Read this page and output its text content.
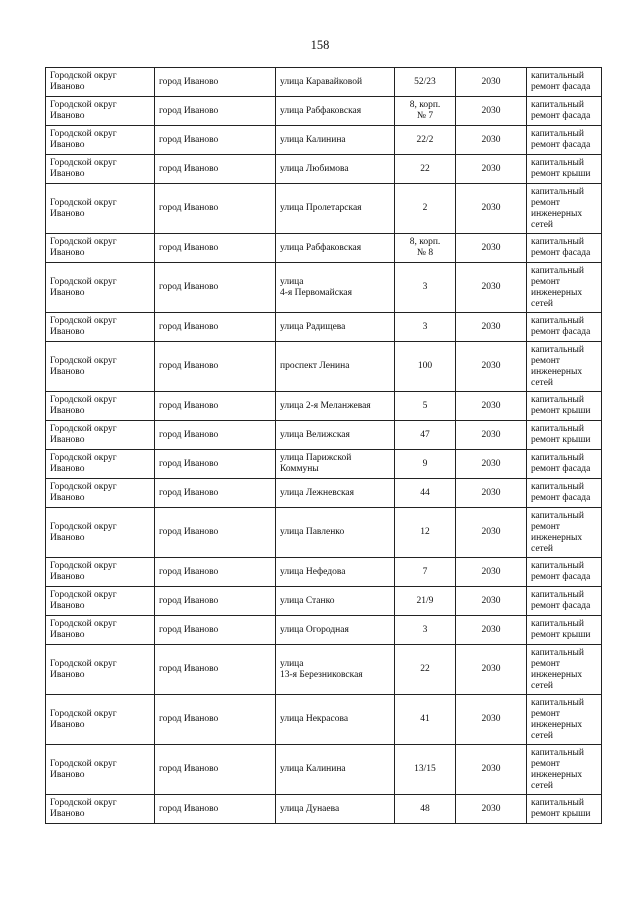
158
Городской округ Иваново	город Иваново	улица Каравайковой	52/23	2030	капитальный ремонт фасада
Городской округ Иваново	город Иваново	улица Рабфаковская	8, корп.
№ 7	2030	капитальный ремонт фасада
Городской округ Иваново	город Иваново	улица Калинина	22/2	2030	капитальный ремонт фасада
Городской округ Иваново	город Иваново	улица Любимова	22	2030	капитальный ремонт крыши
Городской округ Иваново	город Иваново	улица Пролетарская	2	2030	капитальный
ремонт
инженерных
сетей
Городской округ Иваново	город Иваново	улица Рабфаковская	8, корп.
№ 8	2030	капитальный ремонт фасада
Городской округ Иваново	город Иваново	улица
4-я Первомайская	3	2030	капитальный
ремонт
инженерных
сетей
Городской округ Иваново	город Иваново	улица Радищева	3	2030	капитальный ремонт фасада
Городской округ Иваново	город Иваново	проспект Ленина	100	2030	капитальный
ремонт
инженерных
сетей
Городской округ Иваново	город Иваново	улица 2-я Меланжевая	5	2030	капитальный ремонт крыши
Городской округ Иваново	город Иваново	улица Велижская	47	2030	капитальный ремонт крыши
Городской округ Иваново	город Иваново	улица Парижской Коммуны	9	2030	капитальный ремонт фасада
Городской округ Иваново	город Иваново	улица Лежневская	44	2030	капитальный ремонт фасада
Городской округ Иваново	город Иваново	улица Павленко	12	2030	капитальный
ремонт
инженерных
сетей
Городской округ Иваново	город Иваново	улица Нефедова	7	2030	капитальный ремонт фасада
Городской округ Иваново	город Иваново	улица Станко	21/9	2030	капитальный ремонт фасада
Городской округ Иваново	город Иваново	улица Огородная	3	2030	капитальный ремонт крыши
Городской округ Иваново	город Иваново	улица
13-я Березниковская	22	2030	капитальный
ремонт
инженерных
сетей
Городской округ Иваново	город Иваново	улица Некрасова	41	2030	капитальный
ремонт
инженерных
сетей
Городской округ Иваново	город Иваново	улица Калинина	13/15	2030	капитальный
ремонт
инженерных
сетей
Городской округ Иваново	город Иваново	улица Дунаева	48	2030	капитальный ремонт крыши
